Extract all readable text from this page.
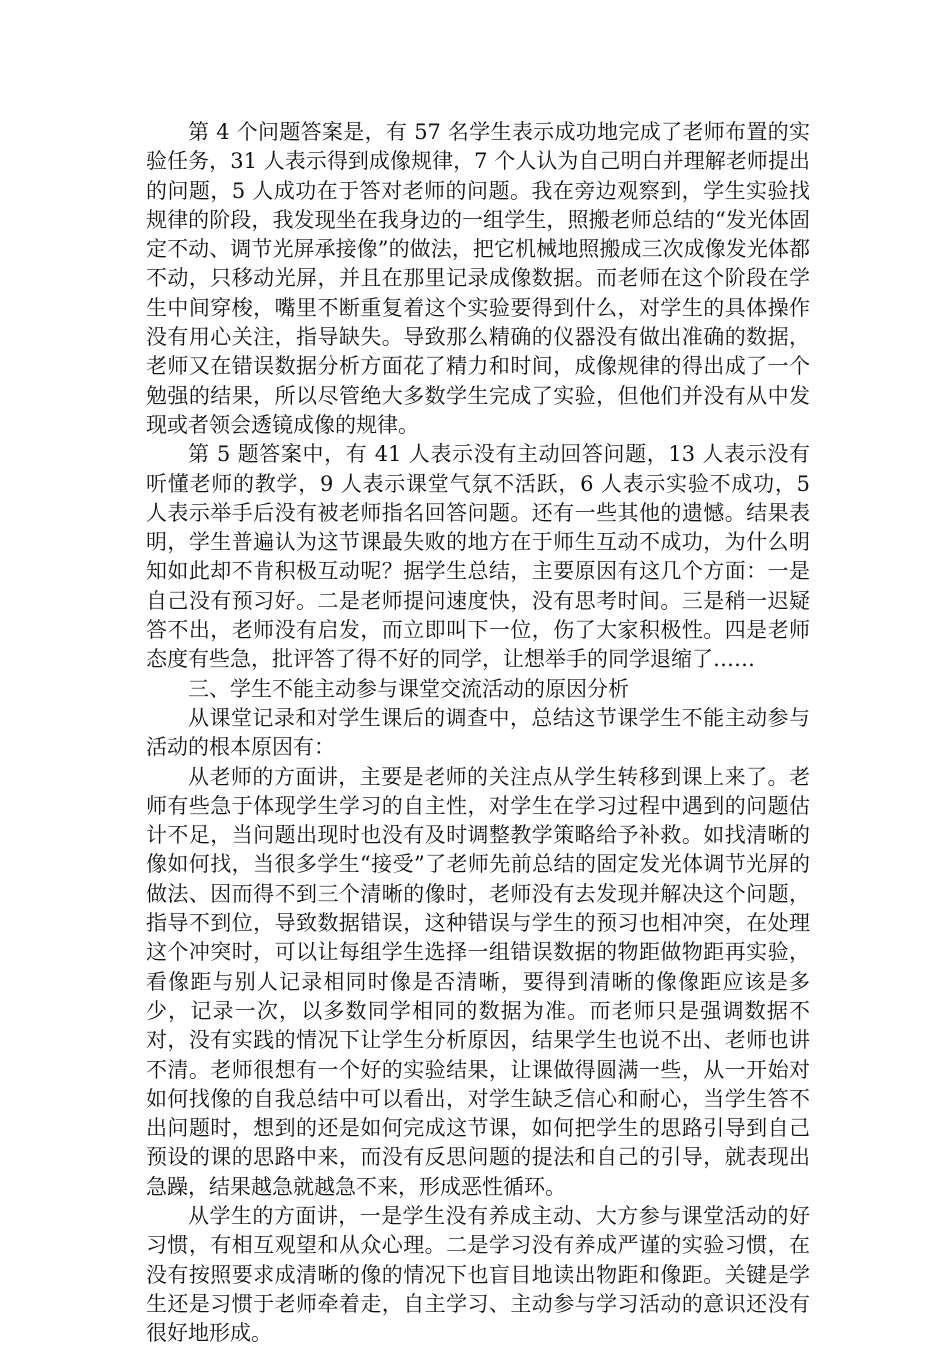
第 4 个问题答案是，有 57 名学生表示成功地完成了老师布置的实验任务，31 人表示得到成像规律，7 个人认为自己明白并理解老师提出的问题，5 人成功在于答对老师的问题。我在旁边观察到，学生实验找规律的阶段，我发现坐在我身边的一组学生，照搬老师总结的“发光体固定不动、调节光屏承接像”的做法，把它机械地照搬成三次成像发光体都不动，只移动光屏，并且在那里记录成像数据。而老师在这个阶段在学生中间穿梭，嘴里不断重复着这个实验要得到什么，对学生的具体操作没有用心关注，指导缺失。导致那么精确的仪器没有做出准确的数据，老师又在错误数据分析方面花了精力和时间，成像规律的得出成了一个勉强的结果，所以尽管绝大多数学生完成了实验，但他们并没有从中发现或者领会透镜成像的规律。

第 5 题答案中，有 41 人表示没有主动回答问题，13 人表示没有听懂老师的教学，9 人表示课堂气氛不活跃，6 人表示实验不成功，5 人表示举手后没有被老师指名回答问题。还有一些其他的遗憾。结果表明，学生普遍认为这节课最失败的地方在于师生互动不成功，为什么明知如此却不肯积极互动呢？据学生总结，主要原因有这几个方面：一是自己没有预习好。二是老师提问速度快，没有思考时间。三是稍一迟疑答不出，老师没有启发，而立即叫下一位，伤了大家积极性。四是老师态度有些急，批评答了得不好的同学，让想举手的同学退缩了……

三、学生不能主动参与课堂交流活动的原因分析

从课堂记录和对学生课后的调查中，总结这节课学生不能主动参与活动的根本原因有：

从老师的方面讲，主要是老师的关注点从学生转移到课上来了。老师有些急于体现学生学习的自主性，对学生在学习过程中遇到的问题估计不足，当问题出现时也没有及时调整教学策略给予补救。如找清晰的像如何找，当很多学生“接受”了老师先前总结的固定发光体调节光屏的做法、因而得不到三个清晰的像时，老师没有去发现并解决这个问题，指导不到位，导致数据错误，这种错误与学生的预习也相冲突，在处理这个冲突时，可以让每组学生选择一组错误数据的物距做物距再实验，看像距与别人记录相同时像是否清晰，要得到清晰的像像距应该是多少，记录一次，以多数同学相同的数据为准。而老师只是强调数据不对，没有实践的情况下让学生分析原因，结果学生也说不出、老师也讲不清。老师很想有一个好的实验结果，让课做得圆满一些，从一开始对如何找像的自我总结中可以看出，对学生缺乏信心和耐心，当学生答不出问题时，想到的还是如何完成这节课，如何把学生的思路引导到自己预设的课的思路中来，而没有反思问题的提法和自己的引导，就表现出急躁，结果越急就越急不来，形成恶性循环。

从学生的方面讲，一是学生没有养成主动、大方参与课堂活动的好习惯，有相互观望和从众心理。二是学习没有养成严谨的实验习惯，在没有按照要求成清晰的像的情况下也盲目地读出物距和像距。关键是学生还是习惯于老师牵着走，自主学习、主动参与学习活动的意识还没有很好地形成。
